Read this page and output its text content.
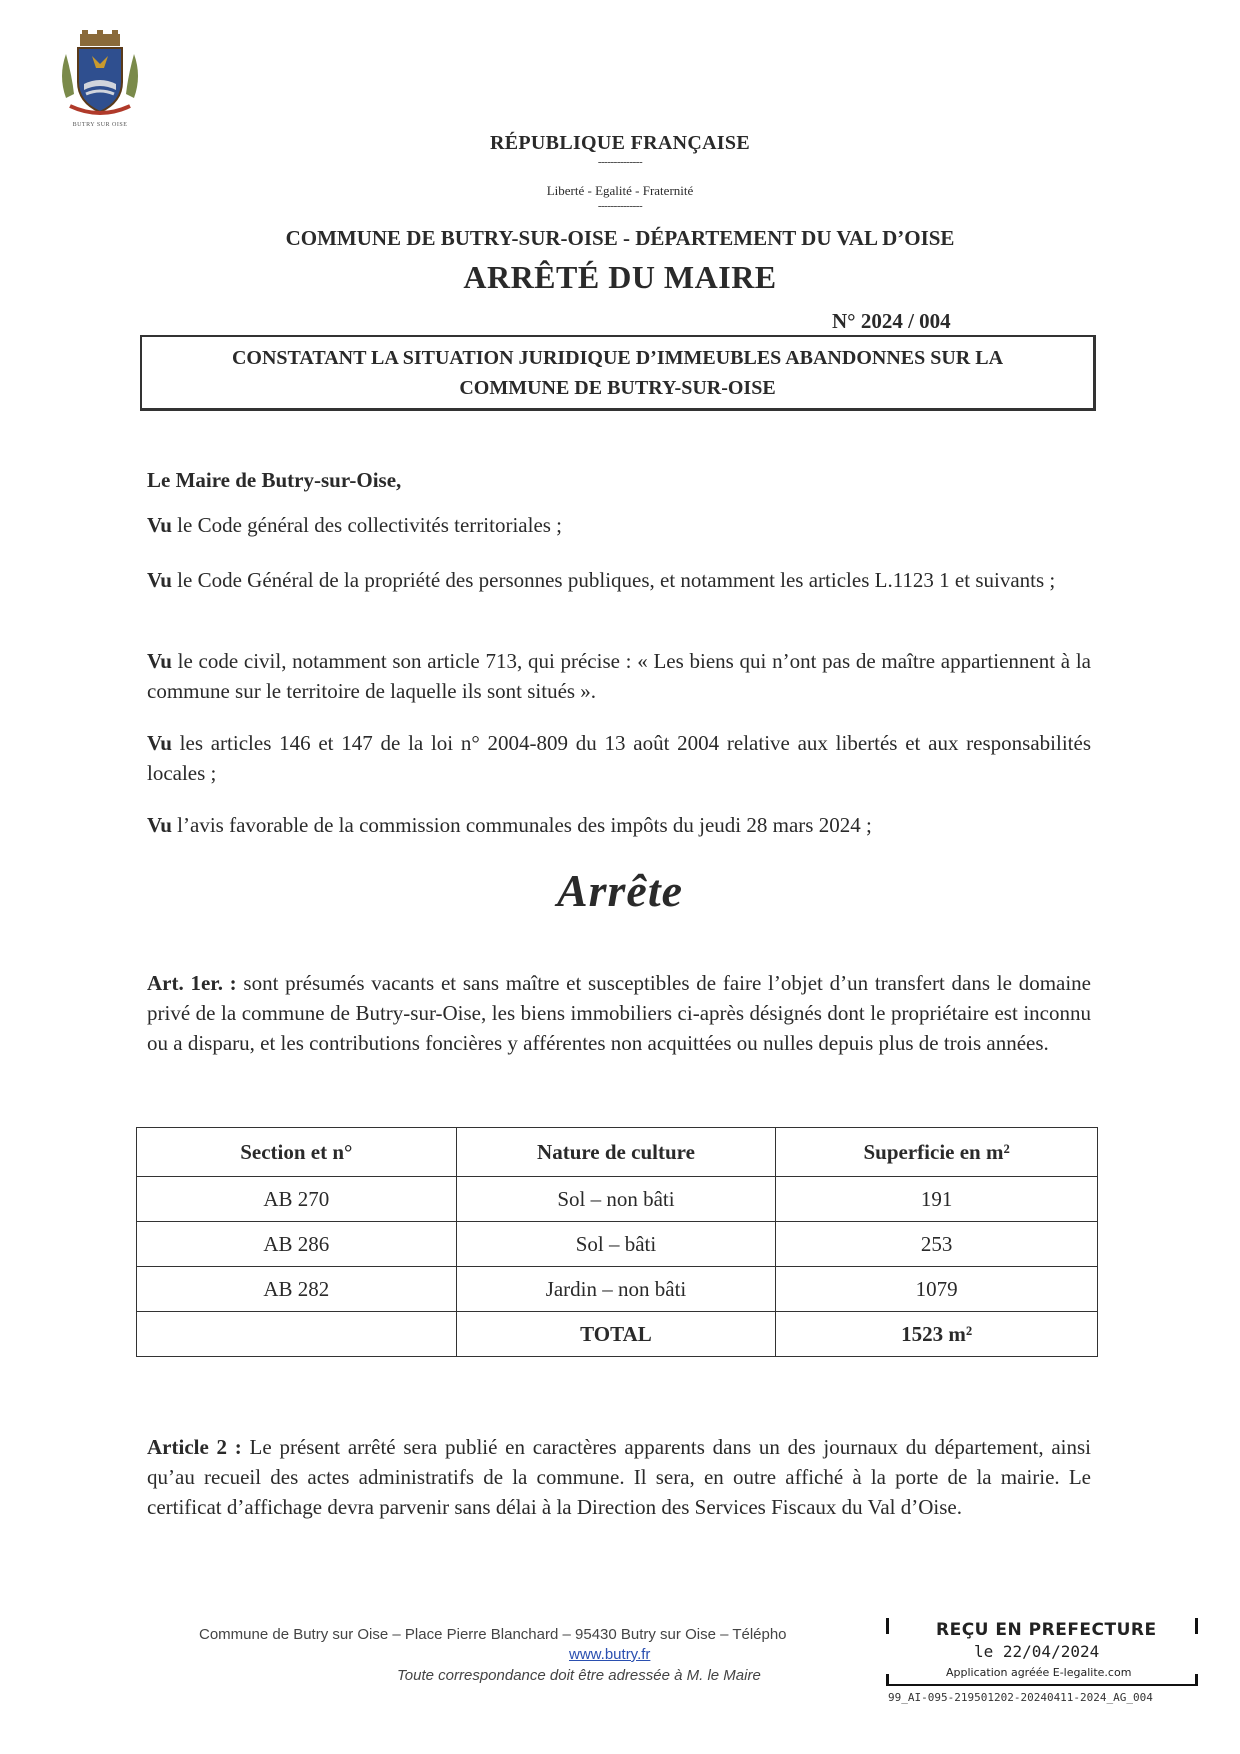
BUTRY SUR OISE
RÉPUBLIQUE FRANÇAISE
--------------
Liberté - Egalité - Fraternité
--------------
COMMUNE DE BUTRY-SUR-OISE - DÉPARTEMENT DU VAL D’OISE
ARRÊTÉ DU MAIRE
N° 2024 / 004
CONSTATANT LA SITUATION JURIDIQUE D’IMMEUBLES ABANDONNES SUR LA
COMMUNE DE BUTRY-SUR-OISE
Le Maire de Butry-sur-Oise,
Vu le Code général des collectivités territoriales ;
Vu le Code Général de la propriété des personnes publiques, et notamment les articles L.1123 1 et suivants ;
Vu le code civil, notamment son article 713, qui précise : « Les biens qui n’ont pas de maître appartiennent à la commune sur le territoire de laquelle ils sont situés ».
Vu les articles 146 et 147 de la loi n° 2004-809 du 13 août 2004 relative aux libertés et aux responsabilités locales ;
Vu l’avis favorable de la commission communales des impôts du jeudi 28 mars 2024 ;
Arrête
Art. 1er. : sont présumés vacants et sans maître et susceptibles de faire l’objet d’un transfert dans le domaine privé de la commune de Butry-sur-Oise, les biens immobiliers ci-après désignés dont le propriétaire est inconnu ou a disparu, et les contributions foncières y afférentes non acquittées ou nulles depuis plus de trois années.
Section et n°	Nature de culture	Superficie en m²
AB 270	Sol – non bâti	191
AB 286	Sol – bâti	253
AB 282	Jardin – non bâti	1079
	TOTAL	1523 m²
Article 2 : Le présent arrêté sera publié en caractères apparents dans un des journaux du département, ainsi qu’au recueil des actes administratifs de la commune. Il sera, en outre affiché à la porte de la mairie. Le certificat d’affichage devra parvenir sans délai à la Direction des Services Fiscaux du Val d’Oise.
Commune de Butry sur Oise – Place Pierre Blanchard – 95430 Butry sur Oise – Télépho
www.butry.fr
Toute correspondance doit être adressée à M. le Maire
REÇU EN PREFECTURE
le 22/04/2024
Application agréée E-legalite.com
99_AI-095-219501202-20240411-2024_AG_004
